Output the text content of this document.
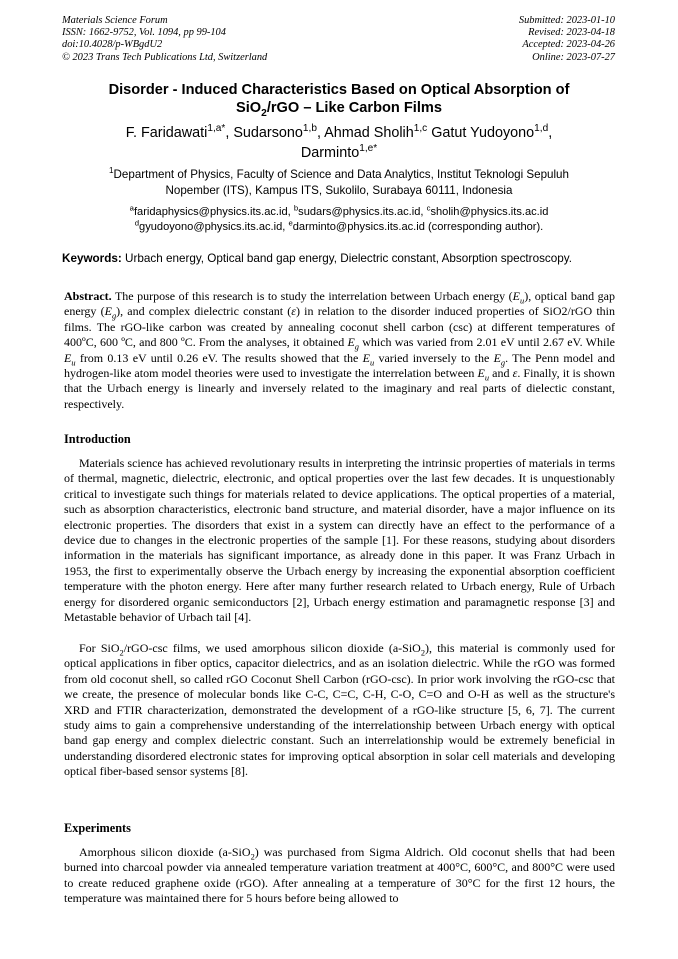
Materials Science Forum
ISSN: 1662-9752, Vol. 1094, pp 99-104
doi:10.4028/p-WBgdU2
© 2023 Trans Tech Publications Ltd, Switzerland
Submitted: 2023-01-10
Revised: 2023-04-18
Accepted: 2023-04-26
Online: 2023-07-27
Disorder - Induced Characteristics Based on Optical Absorption of
SiO$_2$/rGO – Like Carbon Films
F. Faridawati$^{1,a*}$, Sudarsono$^{1,b}$, Ahmad Sholih$^{1,c}$ Gatut Yudoyono$^{1,d}$,
Darminto$^{1,e*}$
$^1$Department of Physics, Faculty of Science and Data Analytics, Institut Teknologi Sepuluh
Nopember (ITS), Kampus ITS, Sukolilo, Surabaya 60111, Indonesia
$^a$faridaphysics@physics.its.ac.id, $^b$sudars@physics.its.ac.id, $^c$sholih@physics.its.ac.id
$^d$gyudoyono@physics.its.ac.id, $^e$darminto@physics.its.ac.id (corresponding author).
Keywords: Urbach energy, Optical band gap energy, Dielectric constant, Absorption spectroscopy.
Abstract. The purpose of this research is to study the interrelation between Urbach energy $(E_u)$, optical band gap energy $(E_g)$, and complex dielectric constant (ε) in relation to the disorder induced properties of SiO2/rGO thin films. The rGO-like carbon was created by annealing coconut shell carbon (csc) at different temperatures of 400ºC, 600 ºC, and 800 ºC. From the analyses, it obtained $E_g$ which was varied from 2.01 eV until 2.67 eV. While $E_u$ from 0.13 eV until 0.26 eV. The results showed that the $E_u$ varied inversely to the $E_g$. The Penn model and hydrogen-like atom model theories were used to investigate the interrelation between $E_u$ and ε. Finally, it is shown that the Urbach energy is linearly and inversely related to the imaginary and real parts of dielectic constant, respectively.
Introduction

Materials science has achieved revolutionary results in interpreting the intrinsic properties of materials in terms of thermal, magnetic, dielectric, electronic, and optical properties over the last few decades. It is unquestionably critical to investigate such things for materials related to device applications. The optical properties of a material, such as absorption characteristics, electronic band structure, and material disorder, have a major influence on its electronic properties. The disorders that exist in a system can directly have an effect to the performance of a device due to changes in the electronic properties of the sample [1]. For these reasons, studying about disorders information in the materials has significant importance, as already done in this paper. It was Franz Urbach in 1953, the first to experimentally observe the Urbach energy by increasing the exponential absorption coefficient temperature with the photon energy. Here after many further research related to Urbach energy, Rule of Urbach energy for disordered organic semiconductors [2], Urbach energy estimation and paramagnetic response [3] and Metastable behavior of Urbach tail [4].

For SiO$_2$/rGO-csc films, we used amorphous silicon dioxide (a-SiO$_2$), this material is commonly used for optical applications in fiber optics, capacitor dielectrics, and as an isolation dielectric. While the rGO was formed from old coconut shell, so called rGO Coconut Shell Carbon (rGO-csc). In prior work involving the rGO-csc that we create, the presence of molecular bonds like C-C, C=C, C-H, C-O, C=O and O-H as well as the structure's XRD and FTIR characterization, demonstrated the development of a rGO-like structure [5, 6, 7]. The current study aims to gain a comprehensive understanding of the interrelationship between Urbach energy with optical band gap energy and complex dielectric constant. Such an interrelationship would be extremely beneficial in understanding disordered electronic states for improving optical absorption in solar cell materials and developing optical fiber-based sensor systems [8].

Experiments

Amorphous silicon dioxide (a-SiO$_2$) was purchased from Sigma Aldrich. Old coconut shells that had been burned into charcoal powder via annealed temperature variation treatment at 400°C, 600°C, and 800°C were used to create reduced graphene oxide (rGO). After annealing at a temperature of 30°C for the first 12 hours, the temperature was maintained there for 5 hours before being allowed to
